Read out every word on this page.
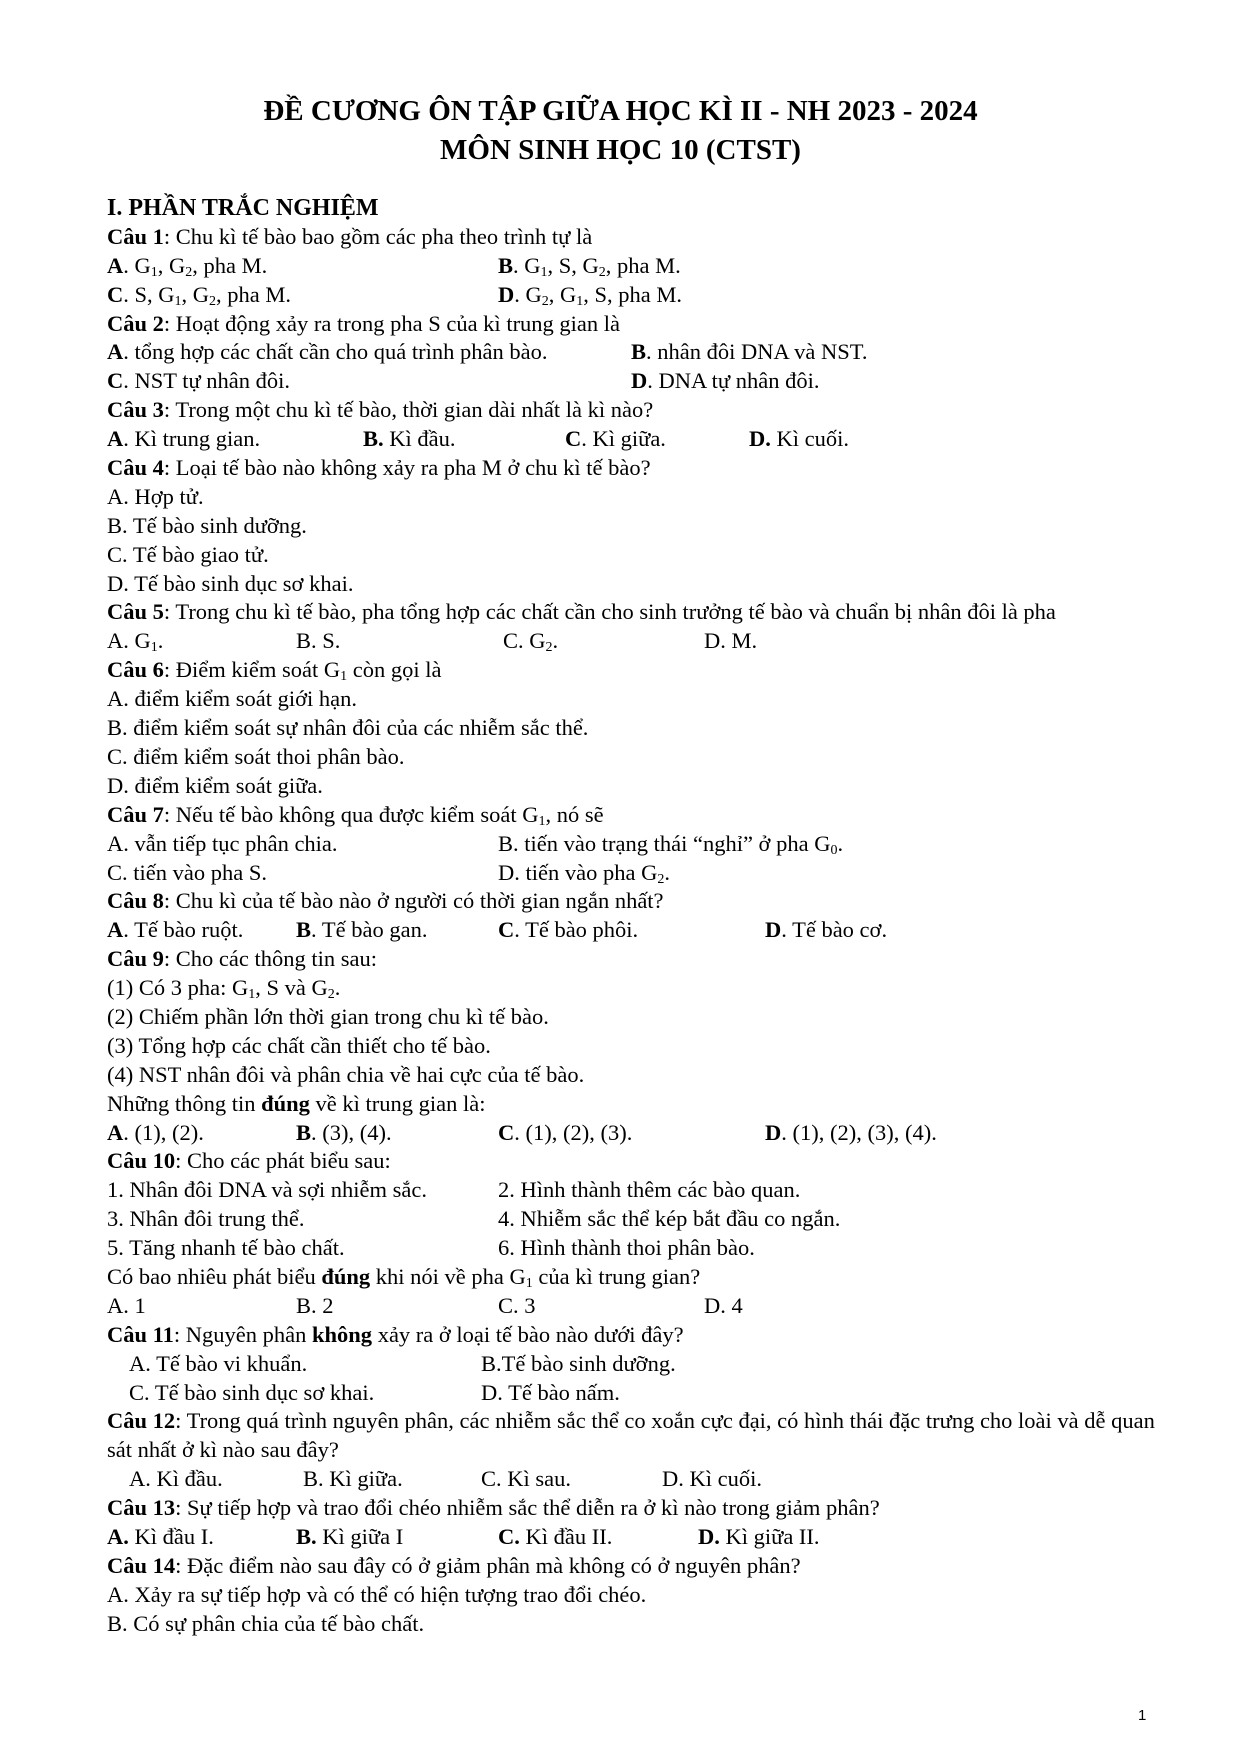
ĐỀ CƯƠNG ÔN TẬP GIỮA HỌC KÌ II - NH 2023 - 2024
MÔN SINH HỌC 10 (CTST)
I. PHẦN TRẮC NGHIỆM
Câu 1: Chu kì tế bào bao gồm các pha theo trình tự là
A. $G_1$, $G_2$, pha M.	B. $G_1$, S, $G_2$, pha M.
C. S, $G_1$, $G_2$, pha M.	D. $G_2$, $G_1$, S, pha M.
Câu 2: Hoạt động xảy ra trong pha S của kì trung gian là
A. tổng hợp các chất cần cho quá trình phân bào.	B. nhân đôi DNA và NST.
C. NST tự nhân đôi.	D. DNA tự nhân đôi.
Câu 3: Trong một chu kì tế bào, thời gian dài nhất là kì nào?
A. Kì trung gian.	B. Kì đầu.	C. Kì giữa.	D. Kì cuối.
Câu 4: Loại tế bào nào không xảy ra pha M ở chu kì tế bào?
A. Hợp tử.
B. Tế bào sinh dưỡng.
C. Tế bào giao tử.
D. Tế bào sinh dục sơ khai.
Câu 5: Trong chu kì tế bào, pha tổng hợp các chất cần cho sinh trưởng tế bào và chuẩn bị nhân đôi là pha
A. $G_1$.	B. S.	C. $G_2$.	D. M.
Câu 6: Điểm kiểm soát $G_1$ còn gọi là
A. điểm kiểm soát giới hạn.
B. điểm kiểm soát sự nhân đôi của các nhiễm sắc thể.
C. điểm kiểm soát thoi phân bào.
D. điểm kiểm soát giữa.
Câu 7: Nếu tế bào không qua được kiểm soát $G_1$, nó sẽ
A. vẫn tiếp tục phân chia.	B. tiến vào trạng thái “nghỉ” ở pha $G_0$.
C. tiến vào pha S.	D. tiến vào pha $G_2$.
Câu 8: Chu kì của tế bào nào ở người có thời gian ngắn nhất?
A. Tế bào ruột. B. Tế bào gan.	C. Tế bào phôi.	D. Tế bào cơ.
Câu 9: Cho các thông tin sau:
(1) Có 3 pha: $G_1$, S và $G_2$.
(2) Chiếm phần lớn thời gian trong chu kì tế bào.
(3) Tổng hợp các chất cần thiết cho tế bào.
(4) NST nhân đôi và phân chia về hai cực của tế bào.
Những thông tin đúng về kì trung gian là:
A. (1), (2).	B. (3), (4).	C. (1), (2), (3).	D. (1), (2), (3), (4).
Câu 10: Cho các phát biểu sau:
1. Nhân đôi DNA và sợi nhiễm sắc.	2. Hình thành thêm các bào quan.
3. Nhân đôi trung thể.	4. Nhiễm sắc thể kép bắt đầu co ngắn.
5. Tăng nhanh tế bào chất.	6. Hình thành thoi phân bào.
Có bao nhiêu phát biểu đúng khi nói về pha $G_1$ của kì trung gian?
A. 1	B. 2	C. 3	D. 4
Câu 11: Nguyên phân không xảy ra ở loại tế bào nào dưới đây?
A. Tế bào vi khuẩn.	B.Tế bào sinh dưỡng.
C. Tế bào sinh dục sơ khai.	D. Tế bào nấm.
Câu 12: Trong quá trình nguyên phân, các nhiễm sắc thể co xoắn cực đại, có hình thái đặc trưng cho loài và dễ quan sát nhất ở kì nào sau đây?
A. Kì đầu.	B. Kì giữa.	C. Kì sau.	D. Kì cuối.
Câu 13: Sự tiếp hợp và trao đổi chéo nhiễm sắc thể diễn ra ở kì nào trong giảm phân?
A. Kì đầu I.	B. Kì giữa I	C. Kì đầu II.	D. Kì giữa II.
Câu 14: Đặc điểm nào sau đây có ở giảm phân mà không có ở nguyên phân?
A. Xảy ra sự tiếp hợp và có thể có hiện tượng trao đổi chéo.
B. Có sự phân chia của tế bào chất.
1
